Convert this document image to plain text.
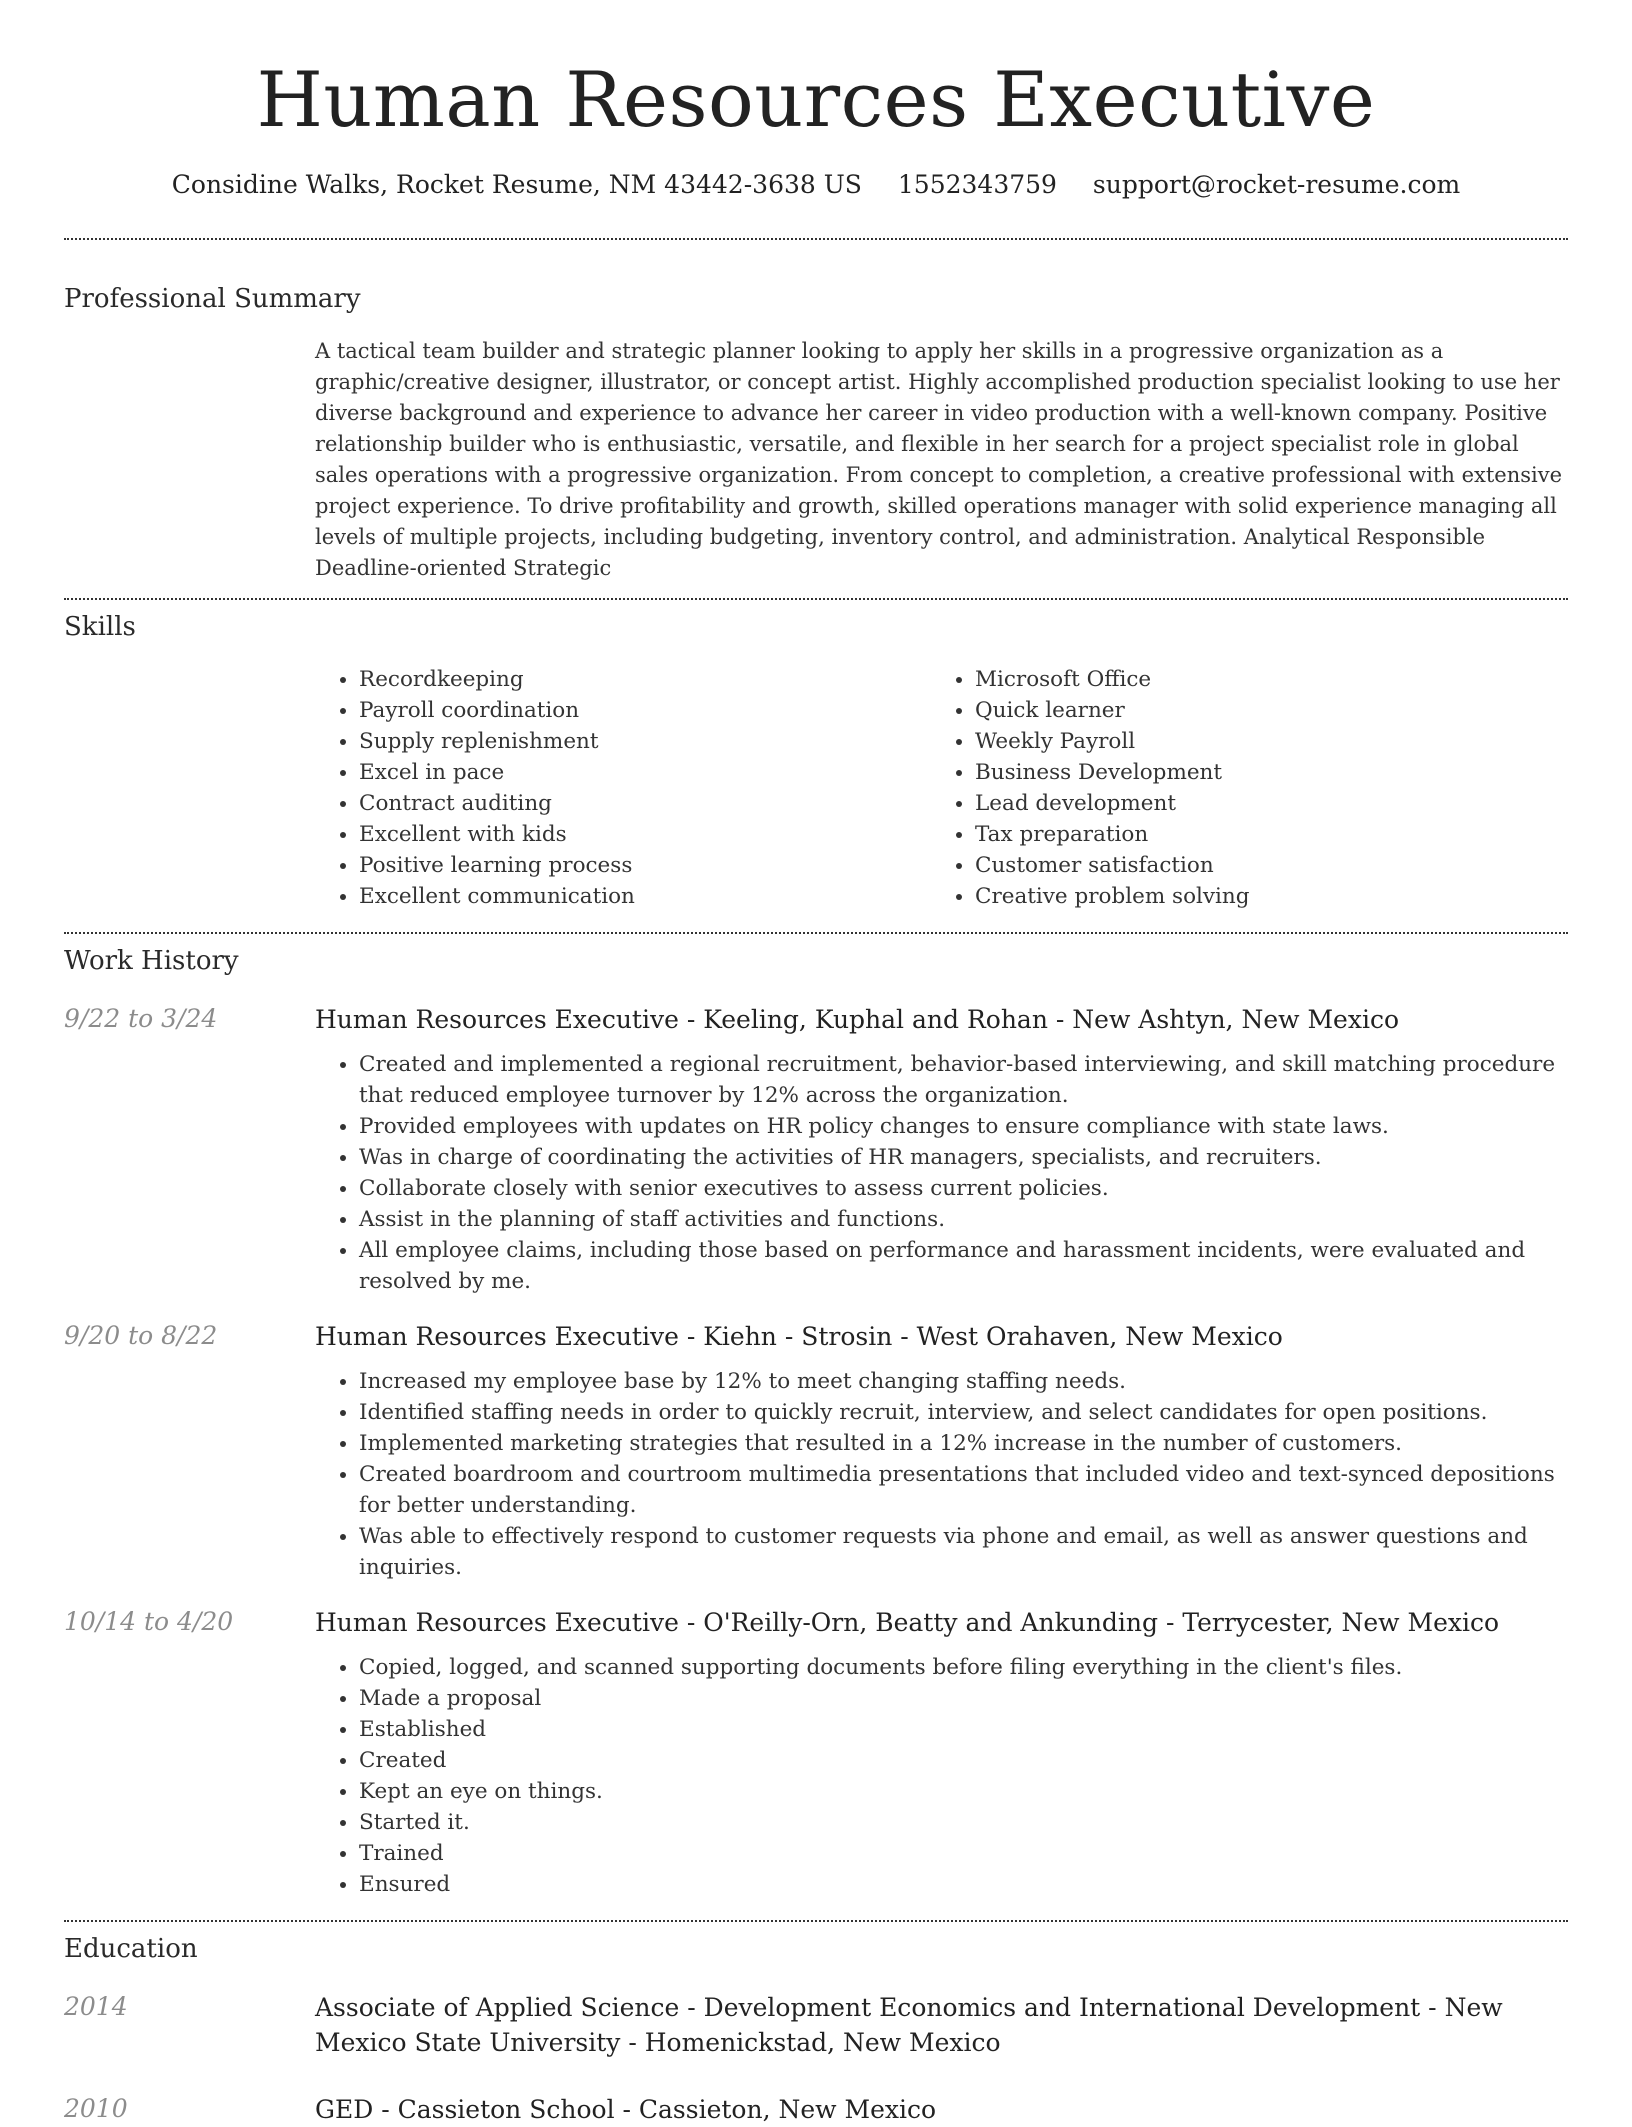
Human Resources Executive
Considine Walks, Rocket Resume, NM 43442-3638 US 1552343759 support@rocket-resume.com
Professional Summary
A tactical team builder and strategic planner looking to apply her skills in a progressive organization as a graphic/creative designer, illustrator, or concept artist. Highly accomplished production specialist looking to use her diverse background and experience to advance her career in video production with a well-known company. Positive relationship builder who is enthusiastic, versatile, and flexible in her search for a project specialist role in global sales operations with a progressive organization. From concept to completion, a creative professional with extensive project experience. To drive profitability and growth, skilled operations manager with solid experience managing all levels of multiple projects, including budgeting, inventory control, and administration. Analytical Responsible Deadline-oriented Strategic
Skills
• Recordkeeping
• Payroll coordination
• Supply replenishment
• Excel in pace
• Contract auditing
• Excellent with kids
• Positive learning process
• Excellent communication
• Microsoft Office
• Quick learner
• Weekly Payroll
• Business Development
• Lead development
• Tax preparation
• Customer satisfaction
• Creative problem solving
Work History
9/22 to 3/24	Human Resources Executive - Keeling, Kuphal and Rohan - New Ashtyn, New Mexico
• Created and implemented a regional recruitment, behavior-based interviewing, and skill matching procedure that reduced employee turnover by 12% across the organization.
• Provided employees with updates on HR policy changes to ensure compliance with state laws.
• Was in charge of coordinating the activities of HR managers, specialists, and recruiters.
• Collaborate closely with senior executives to assess current policies.
• Assist in the planning of staff activities and functions.
• All employee claims, including those based on performance and harassment incidents, were evaluated and resolved by me.
9/20 to 8/22	Human Resources Executive - Kiehn - Strosin - West Orahaven, New Mexico
• Increased my employee base by 12% to meet changing staffing needs.
• Identified staffing needs in order to quickly recruit, interview, and select candidates for open positions.
• Implemented marketing strategies that resulted in a 12% increase in the number of customers.
• Created boardroom and courtroom multimedia presentations that included video and text-synced depositions for better understanding.
• Was able to effectively respond to customer requests via phone and email, as well as answer questions and inquiries.
10/14 to 4/20	Human Resources Executive - O'Reilly-Orn, Beatty and Ankunding - Terrycester, New Mexico
• Copied, logged, and scanned supporting documents before filing everything in the client's files.
• Made a proposal
• Established
• Created
• Kept an eye on things.
• Started it.
• Trained
• Ensured
Education
2014	Associate of Applied Science - Development Economics and International Development - New Mexico State University - Homenickstad, New Mexico
2010	GED - Cassieton School - Cassieton, New Mexico
